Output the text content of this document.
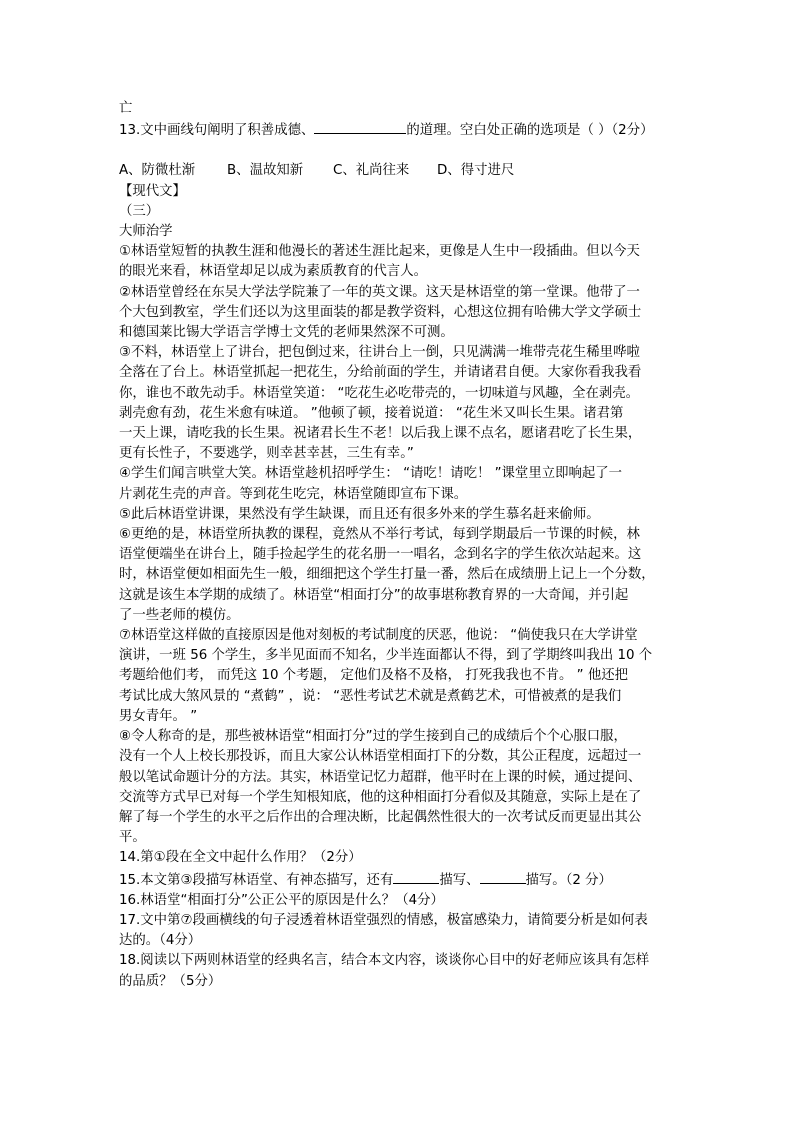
亡
13.文中画线句阐明了积善成德、	的道理。空白处正确的选项是（ ）（2分）
A、防微杜渐 B、温故知新 C、礼尚往来 D、得寸进尺
【现代文】
（三）
大师治学
①林语堂短暂的执教生涯和他漫长的著述生涯比起来，更像是人生中一段插曲。但以今天
的眼光来看，林语堂却足以成为素质教育的代言人。
②林语堂曾经在东吴大学法学院兼了一年的英文课。这天是林语堂的第一堂课。他带了一
个大包到教室，学生们还以为这里面装的都是教学资料，心想这位拥有哈佛大学文学硕士
和德国莱比锡大学语言学博士文凭的老师果然深不可测。
③不料，林语堂上了讲台，把包倒过来，往讲台上一倒，只见满满一堆带壳花生稀里哗啦
全落在了台上。林语堂抓起一把花生，分给前面的学生，并请诸君自便。大家你看我我看
你，谁也不敢先动手。林语堂笑道： “吃花生必吃带壳的，一切味道与风趣，全在剥壳。
剥壳愈有劲，花生米愈有味道。 ”他顿了顿，接着说道： “花生米又叫长生果。诸君第
一天上课，请吃我的长生果。祝诸君长生不老！以后我上课不点名，愿诸君吃了长生果，
更有长性子，不要逃学，则幸甚幸甚，三生有幸。”
④学生们闻言哄堂大笑。林语堂趁机招呼学生： “请吃！请吃！ ”课堂里立即响起了一
片剥花生壳的声音。等到花生吃完，林语堂随即宣布下课。
⑤此后林语堂讲课，果然没有学生缺课，而且还有很多外来的学生慕名赶来偷师。
⑥更绝的是，林语堂所执教的课程，竟然从不举行考试，每到学期最后一节课的时候，林
语堂便端坐在讲台上，随手捡起学生的花名册一一唱名，念到名字的学生依次站起来。这
时，林语堂便如相面先生一般，细细把这个学生打量一番，然后在成绩册上记上一个分数，
这就是该生本学期的成绩了。林语堂“相面打分”的故事堪称教育界的一大奇闻，并引起
了一些老师的模仿。
⑦林语堂这样做的直接原因是他对刻板的考试制度的厌恶，他说： “倘使我只在大学讲堂
演讲，一班 56 个学生，多半见面而不知名，少半连面都认不得，到了学期终叫我出 10 个
考题给他们考， 而凭这 10 个考题， 定他们及格不及格， 打死我我也不肯。 ” 他还把
考试比成大煞风景的 “煮鹤” ，说： “恶性考试艺术就是煮鹤艺术，可惜被煮的是我们
男女青年。 ”
⑧令人称奇的是，那些被林语堂“相面打分”过的学生接到自己的成绩后个个心服口服，
没有一个人上校长那投诉，而且大家公认林语堂相面打下的分数，其公正程度，远超过一
般以笔试命题计分的方法。其实，林语堂记忆力超群，他平时在上课的时候，通过提问、
交流等方式早已对每一个学生知根知底，他的这种相面打分看似及其随意，实际上是在了
解了每一个学生的水平之后作出的合理决断，比起偶然性很大的一次考试反而更显出其公
平。
14.第①段在全文中起什么作用？（2分）
15.本文第③段描写林语堂、有神态描写，还有	描写、	描写。（2 分）
16.林语堂“相面打分”公正公平的原因是什么？（4分）
17.文中第⑦段画横线的句子浸透着林语堂强烈的情感，极富感染力，请简要分析是如何表
达的。（4分）
18.阅读以下两则林语堂的经典名言，结合本文内容，谈谈你心目中的好老师应该具有怎样
的品质？（5分）
